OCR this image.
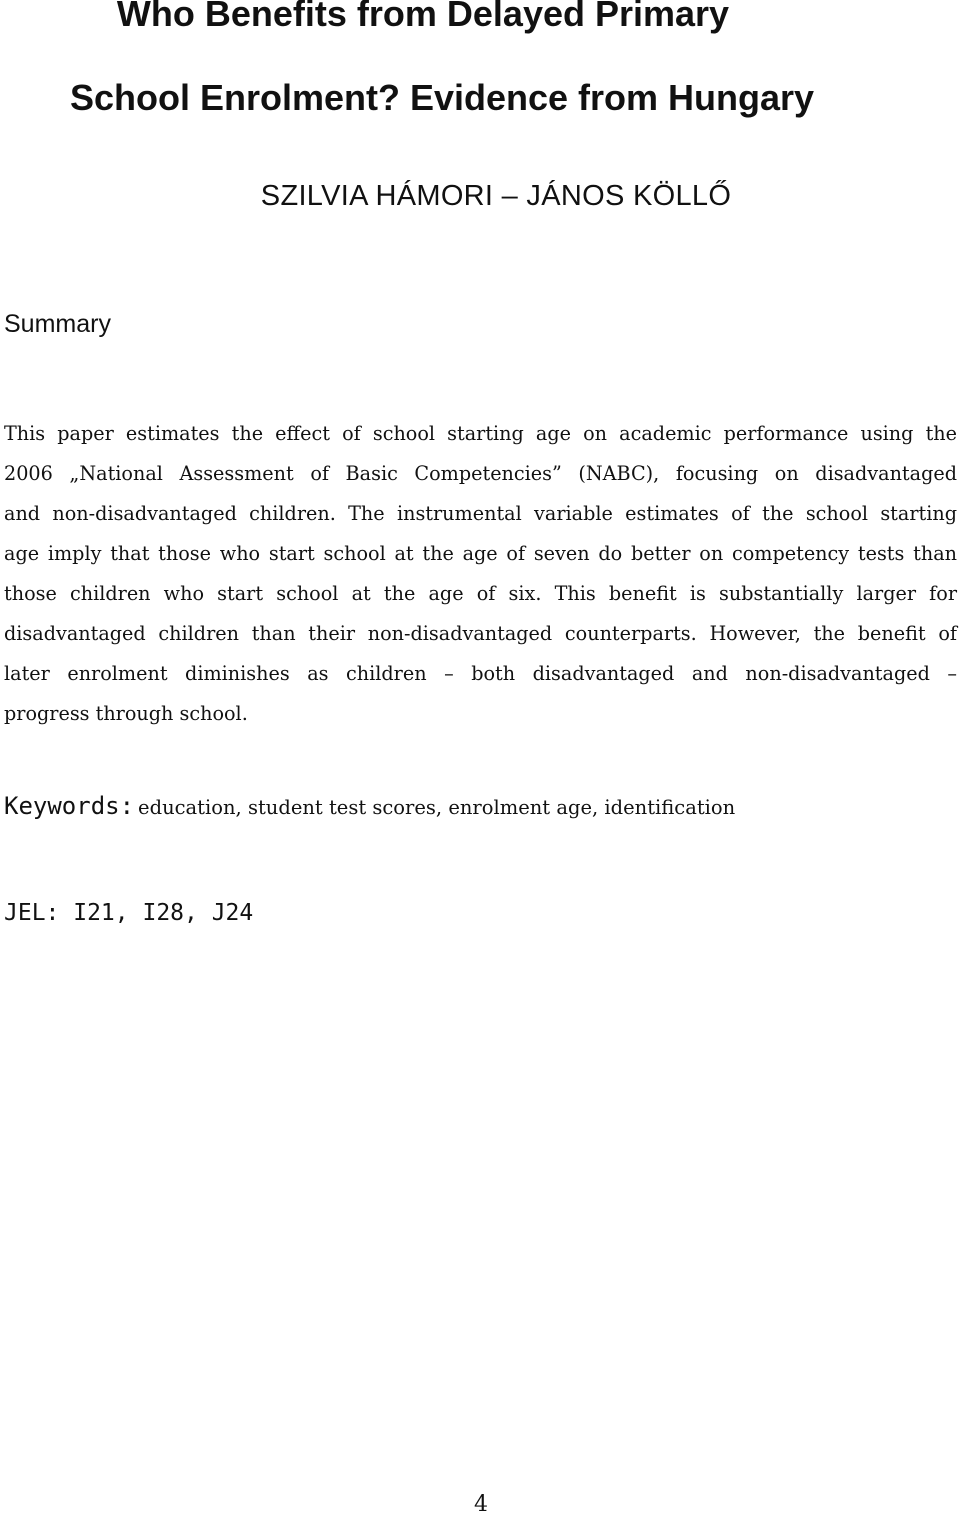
Who Benefits from Delayed Primary
School Enrolment? Evidence from Hungary
SZILVIA HÁMORI – JÁNOS KÖLLŐ
Summary

This paper estimates the effect of school starting age on academic performance using the
2006 „National Assessment of Basic Competencies” (NABC), focusing on disadvantaged
and non-disadvantaged children. The instrumental variable estimates of the school starting
age imply that those who start school at the age of seven do better on competency tests than
those children who start school at the age of six. This benefit is substantially larger for
disadvantaged children than their non-disadvantaged counterparts. However, the benefit of
later enrolment diminishes as children – both disadvantaged and non-disadvantaged –
progress through school.

Keywords: education, student test scores, enrolment age, identification

JEL: I21, I28, J24

4
